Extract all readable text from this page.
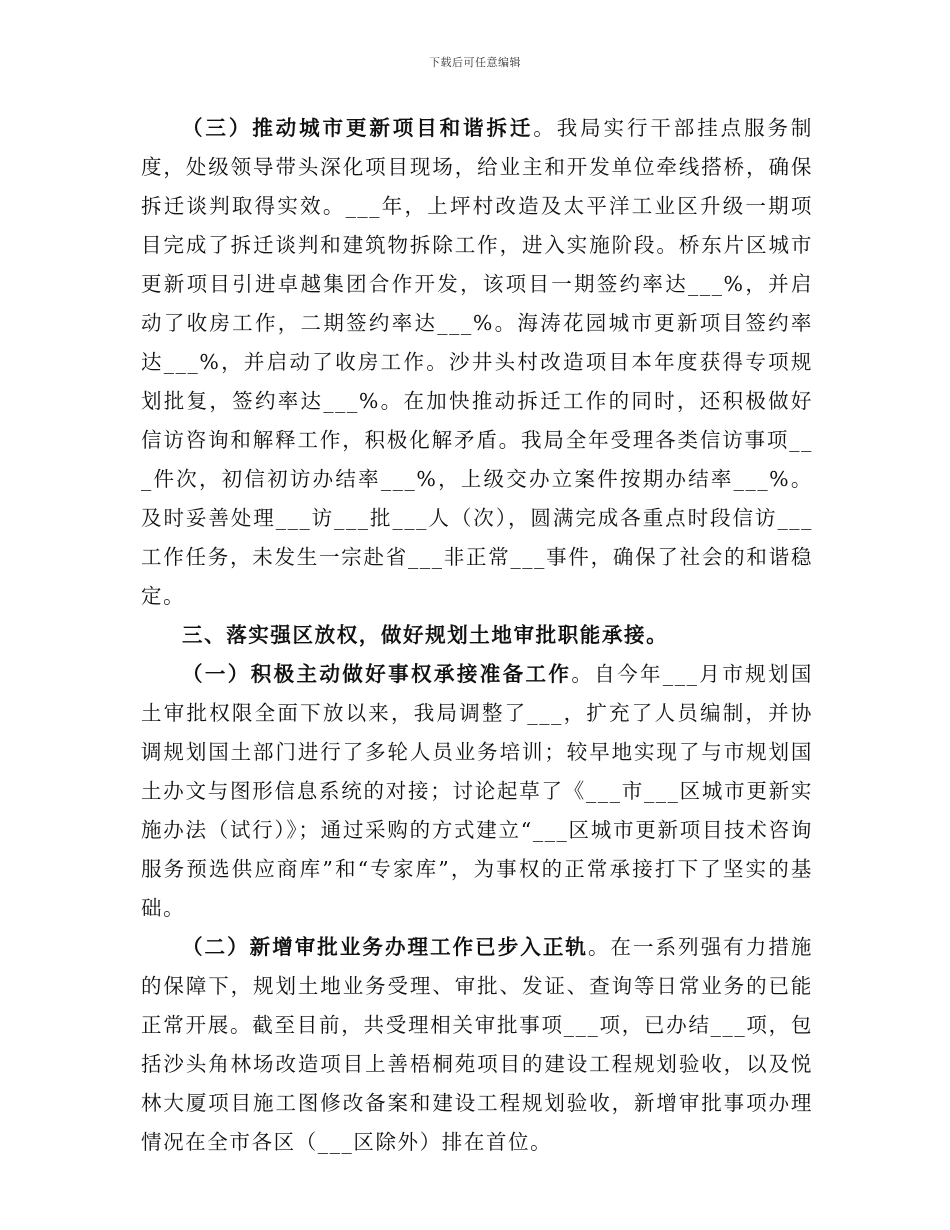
下载后可任意编辑

（三）推动城市更新项目和谐拆迁。我局实行干部挂点服务制度，处级领导带头深化项目现场，给业主和开发单位牵线搭桥，确保拆迁谈判取得实效。___年，上坪村改造及太平洋工业区升级一期项目完成了拆迁谈判和建筑物拆除工作，进入实施阶段。桥东片区城市更新项目引进卓越集团合作开发，该项目一期签约率达___%，并启动了收房工作，二期签约率达___%。海涛花园城市更新项目签约率达___%，并启动了收房工作。沙井头村改造项目本年度获得专项规划批复，签约率达___%。在加快推动拆迁工作的同时，还积极做好信访咨询和解释工作，积极化解矛盾。我局全年受理各类信访事项___件次，初信初访办结率___%，上级交办立案件按期办结率___%。及时妥善处理___访___批___人（次），圆满完成各重点时段信访___工作任务，未发生一宗赴省___非正常___事件，确保了社会的和谐稳定。

三、落实强区放权，做好规划土地审批职能承接。

（一）积极主动做好事权承接准备工作。自今年___月市规划国土审批权限全面下放以来，我局调整了___，扩充了人员编制，并协调规划国土部门进行了多轮人员业务培训；较早地实现了与市规划国土办文与图形信息系统的对接；讨论起草了《___市___区城市更新实施办法（试行）》；通过采购的方式建立“___区城市更新项目技术咨询服务预选供应商库”和“专家库”，为事权的正常承接打下了坚实的基础。

（二）新增审批业务办理工作已步入正轨。在一系列强有力措施的保障下，规划土地业务受理、审批、发证、查询等日常业务的已能正常开展。截至目前，共受理相关审批事项___项，已办结___项，包括沙头角林场改造项目上善梧桐苑项目的建设工程规划验收，以及悦林大厦项目施工图修改备案和建设工程规划验收，新增审批事项办理情况在全市各区（___区除外）排在首位。
